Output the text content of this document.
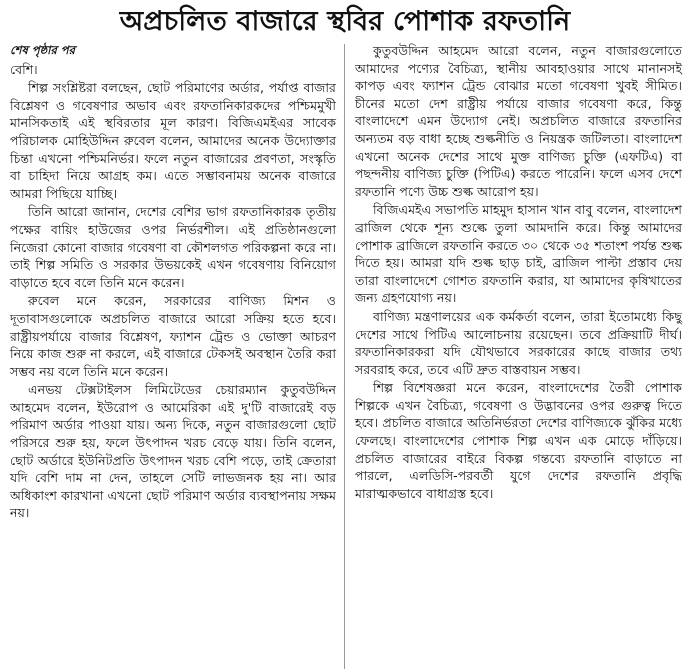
অপ্রচলিত বাজারে স্থবির পোশাক রফতানি
শেষ পৃষ্ঠার পর

বেশি।

শিল্প সংশ্লিষ্টরা বলছেন, ছোট পরিমাণের অর্ডার, পর্যাপ্ত বাজার বিশ্লেষণ ও গবেষণার অভাব এবং রফতানিকারকদের পশ্চিমমুখী মানসিকতাই এই স্থবিরতার মূল কারণ। বিজিএমইএর সাবেক পরিচালক মোহিউদ্দিন রুবেল বলেন, আমাদের অনেক উদ্যোক্তার চিন্তা এখনো পশ্চিমনির্ভর। ফলে নতুন বাজারের প্রবণতা, সংস্কৃতি বা চাহিদা নিয়ে আগ্রহ কম। এতে সম্ভাবনাময় অনেক বাজারে আমরা পিছিয়ে যাচ্ছি।

তিনি আরো জানান, দেশের বেশির ভাগ রফতানিকারক তৃতীয় পক্ষের বায়িং হাউজের ওপর নির্ভরশীল। এই প্রতিষ্ঠানগুলো নিজেরা কোনো বাজার গবেষণা বা কৌশলগত পরিকল্পনা করে না। তাই শিল্প সমিতি ও সরকার উভয়কেই এখন গবেষণায় বিনিয়োগ বাড়াতে হবে বলে তিনি মনে করেন।

রুবেল মনে করেন, সরকারের বাণিজ্য মিশন ও দূতাবাসগুলোকে অপ্রচলিত বাজারে আরো সক্রিয় হতে হবে। রাষ্ট্রীয়পর্যায়ে বাজার বিশ্লেষণ, ফ্যাশন ট্রেন্ড ও ভোক্তা আচরণ নিয়ে কাজ শুরু না করলে, এই বাজারে টেকসই অবস্থান তৈরি করা সম্ভব নয় বলে তিনি মনে করেন।

এনভয় টেক্সটাইলস লিমিটেডের চেয়ারম্যান কুতুবউদ্দিন আহমেদ বলেন, ইউরোপ ও আমেরিকা এই দু'টি বাজারেই বড় পরিমাণ অর্ডার পাওয়া যায়। অন্য দিকে, নতুন বাজারগুলো ছোট পরিসরে শুরু হয়, ফলে উৎপাদন খরচ বেড়ে যায়। তিনি বলেন, ছোট অর্ডারে ইউনিটপ্রতি উৎপাদন খরচ বেশি পড়ে, তাই ক্রেতারা যদি বেশি দাম না দেন, তাহলে সেটি লাভজনক হয় না। আর অধিকাংশ কারখানা এখনো ছোট পরিমাণ অর্ডার ব্যবস্থাপনায় সক্ষম নয়।

কুতুবউদ্দিন আহমেদ আরো বলেন, নতুন বাজারগুলোতে আমাদের পণ্যের বৈচিত্র্য, স্থানীয় আবহাওয়ার সাথে মানানসই কাপড় এবং ফ্যাশন ট্রেন্ড বোঝার মতো গবেষণা খুবই সীমিত। চীনের মতো দেশ রাষ্ট্রীয় পর্যায়ে বাজার গবেষণা করে, কিন্তু বাংলাদেশে এমন উদ্যোগ নেই। অপ্রচলিত বাজারে রফতানির অন্যতম বড় বাধা হচ্ছে শুল্কনীতি ও নিয়ন্ত্রক জটিলতা। বাংলাদেশ এখনো অনেক দেশের সাথে মুক্ত বাণিজ্য চুক্তি (এফটিএ) বা পছন্দনীয় বাণিজ্য চুক্তি (পিটিএ) করতে পারেনি। ফলে এসব দেশে রফতানি পণ্যে উচ্চ শুল্ক আরোপ হয়।

বিজিএমইএ সভাপতি মাহমুদ হাসান খান বাবু বলেন, বাংলাদেশ ব্রাজিল থেকে শূন্য শুল্কে তুলা আমদানি করে। কিন্তু আমাদের পোশাক ব্রাজিলে রফতানি করতে ৩০ থেকে ৩৫ শতাংশ পর্যন্ত শুল্ক দিতে হয়। আমরা যদি শুল্ক ছাড় চাই, ব্রাজিল পাল্টা প্রস্তাব দেয় তারা বাংলাদেশে গোশত রফতানি করার, যা আমাদের কৃষিখাতের জন্য গ্রহণযোগ্য নয়।

বাণিজ্য মন্ত্রণালয়ের এক কর্মকর্তা বলেন, তারা ইতোমধ্যে কিছু দেশের সাথে পিটিএ আলোচনায় রয়েছেন। তবে প্রক্রিয়াটি দীর্ঘ। রফতানিকারকরা যদি যৌথভাবে সরকারের কাছে বাজার তথ্য সরবরাহ করে, তবে এটি দ্রুত বাস্তবায়ন সম্ভব।

শিল্প বিশেষজ্ঞরা মনে করেন, বাংলাদেশের তৈরী পোশাক শিল্পকে এখন বৈচিত্র্য, গবেষণা ও উদ্ভাবনের ওপর গুরুত্ব দিতে হবে। প্রচলিত বাজারে অতিনির্ভরতা দেশের বাণিজ্যকে ঝুঁকির মধ্যে ফেলছে। বাংলাদেশের পোশাক শিল্প এখন এক মোড়ে দাঁড়িয়ে। প্রচলিত বাজারের বাইরে বিকল্প গন্তব্যে রফতানি বাড়াতে না পারলে, এলডিসি-পরবর্তী যুগে দেশের রফতানি প্রবৃদ্ধি মারাত্মকভাবে বাধাগ্রস্ত হবে।
